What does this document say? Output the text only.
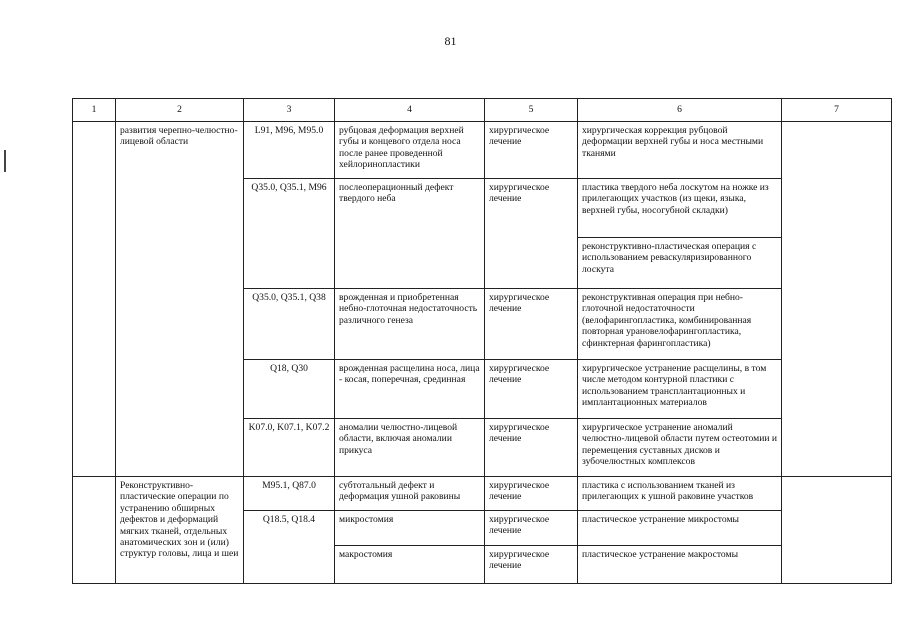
81
1	2	3	4	5	6	7
	развития черепно-челюстно-лицевой области	L91, M96, M95.0	рубцовая деформация верхней губы и концевого отдела носа после ранее проведенной хейлоринопластики	хирургическое лечение	хирургическая коррекция рубцовой деформации верхней губы и носа местными тканями	
		Q35.0, Q35.1, M96	послеоперационный дефект твердого неба	хирургическое лечение	пластика твердого неба лоскутом на ножке из прилегающих участков (из щеки, языка, верхней губы, носогубной складки)	
					реконструктивно-пластическая операция с использованием реваскуляризированного лоскута	
		Q35.0, Q35.1, Q38	врожденная и приобретенная небно-глоточная недостаточность различного генеза	хирургическое лечение	реконструктивная операция при небно-глоточной недостаточности (велофарингопластика, комбинированная повторная урановелофарингопластика, сфинктерная фарингопластика)	
		Q18, Q30	врожденная расщелина носа, лица - косая, поперечная, срединная	хирургическое лечение	хирургическое устранение расщелины, в том числе методом контурной пластики с использованием трансплантационных и имплантационных материалов	
		K07.0, K07.1, K07.2	аномалии челюстно-лицевой области, включая аномалии прикуса	хирургическое лечение	хирургическое устранение аномалий челюстно-лицевой области путем остеотомии и перемещения суставных дисков и зубочелюстных комплексов	
	Реконструктивно-пластические операции по устранению обширных дефектов и деформаций мягких тканей, отдельных анатомических зон и (или) структур головы, лица и шеи	M95.1, Q87.0	субтотальный дефект и деформация ушной раковины	хирургическое лечение	пластика с использованием тканей из прилегающих к ушной раковине участков	
		Q18.5, Q18.4	микростомия	хирургическое лечение	пластическое устранение микростомы	
			макростомия	хирургическое лечение	пластическое устранение макростомы	
